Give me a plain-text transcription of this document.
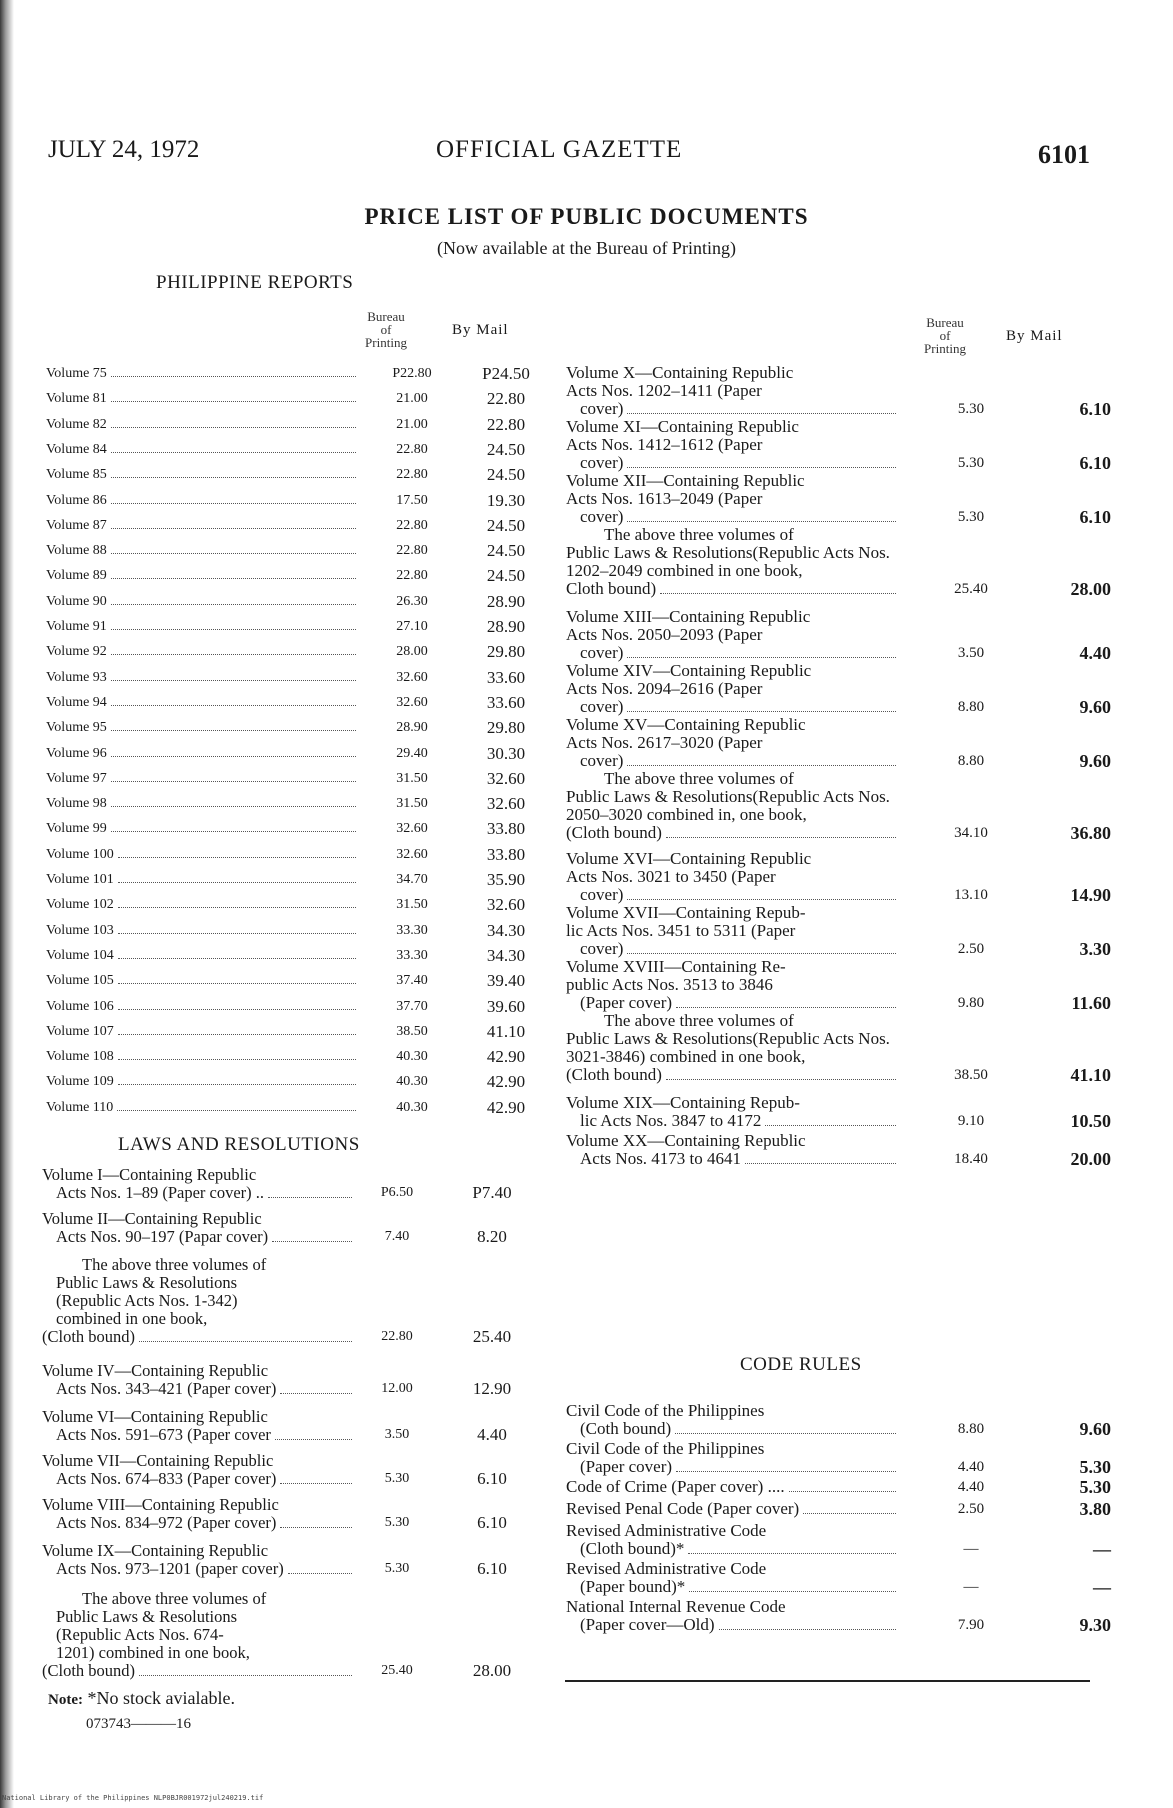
JULY 24, 1972	OFFICIAL GAZETTE	6101
PRICE LIST OF PUBLIC DOCUMENTS
(Now available at the Bureau of Printing)
PHILIPPINE REPORTS
Bureau
of
Printing
By Mail	Bureau
of
Printing
By Mail
Volume 75	P22.80	P24.50
Volume 81	21.00	22.80
Volume 82	21.00	22.80
Volume 84	22.80	24.50
Volume 85	22.80	24.50
Volume 86	17.50	19.30
Volume 87	22.80	24.50
Volume 88	22.80	24.50
Volume 89	22.80	24.50
Volume 90	26.30	28.90
Volume 91	27.10	28.90
Volume 92	28.00	29.80
Volume 93	32.60	33.60
Volume 94	32.60	33.60
Volume 95	28.90	29.80
Volume 96	29.40	30.30
Volume 97	31.50	32.60
Volume 98	31.50	32.60
Volume 99	32.60	33.80
Volume 100	32.60	33.80
Volume 101	34.70	35.90
Volume 102	31.50	32.60
Volume 103	33.30	34.30
Volume 104	33.30	34.30
Volume 105	37.40	39.40
Volume 106	37.70	39.60
Volume 107	38.50	41.10
Volume 108	40.30	42.90
Volume 109	40.30	42.90
Volume 110	40.30	42.90
LAWS AND RESOLUTIONS
Volume I—Containing Republic
Acts Nos. 1–89 (Paper cover) ..	P6.50	P7.40
Volume II—Containing Republic
Acts Nos. 90–197 (Papar cover)	7.40	8.20
The above three volumes of
Public Laws & Resolutions
(Republic Acts Nos. 1-342)
combined in one book,
(Cloth bound)	22.80	25.40
Volume IV—Containing Republic
Acts Nos. 343–421 (Paper cover)	12.00	12.90
Volume VI—Containing Republic
Acts Nos. 591–673 (Paper cover	3.50	4.40
Volume VII—Containing Republic
Acts Nos. 674–833 (Paper cover)	5.30	6.10
Volume VIII—Containing Republic
Acts Nos. 834–972 (Paper cover)	5.30	6.10
Volume IX—Containing Republic
Acts Nos. 973–1201 (paper cover)	5.30	6.10
The above three volumes of
Public Laws & Resolutions
(Republic Acts Nos. 674-
1201) combined in one book,
(Cloth bound)	25.40	28.00
Volume X—Containing Republic
Acts Nos. 1202–1411 (Paper
cover)	5.30	6.10
Volume XI—Containing Republic
Acts Nos. 1412–1612 (Paper
cover)	5.30	6.10
Volume XII—Containing Republic
Acts Nos. 1613–2049 (Paper
cover)	5.30	6.10
The above three volumes of
Public Laws & Resolutions(Republic Acts Nos. 1202–2049 combined in one book,
Cloth bound)	25.40	28.00
Volume XIII—Containing Republic
Acts Nos. 2050–2093 (Paper
cover)	3.50	4.40
Volume XIV—Containing Republic
Acts Nos. 2094–2616 (Paper
cover)	8.80	9.60
Volume XV—Containing Republic
Acts Nos. 2617–3020 (Paper
cover)	8.80	9.60
The above three volumes of
Public Laws & Resolutions(Republic Acts Nos. 2050–3020 combined in, one book,
(Cloth bound)	34.10	36.80
Volume XVI—Containing Republic
Acts Nos. 3021 to 3450 (Paper
cover)	13.10	14.90
Volume XVII—Containing Repub-
lic Acts Nos. 3451 to 5311 (Paper
cover)	2.50	3.30
Volume XVIII—Containing Re-
public Acts Nos. 3513 to 3846
(Paper cover)	9.80	11.60
The above three volumes of
Public Laws & Resolutions(Republic Acts Nos. 3021-3846) combined in one book,
(Cloth bound)	38.50	41.10
Volume XIX—Containing Repub-
lic Acts Nos. 3847 to 4172	9.10	10.50
Volume XX—Containing Republic
Acts Nos. 4173 to 4641	18.40	20.00
CODE RULES
Civil Code of the Philippines
(Coth bound)	8.80	9.60
Civil Code of the Philippines
(Paper cover)	4.40	5.30
Code of Crime (Paper cover) ....	4.40	5.30
Revised Penal Code (Paper cover)	2.50	3.80
Revised Administrative Code
(Cloth bound)*	—	—
Revised Administrative Code
(Paper bound)*	—	—
National Internal Revenue Code
(Paper cover—Old)	7.90	9.30
Note: *No stock avialable.
073743———16
National Library of the Philippines NLP0BJR001972jul240219.tif
